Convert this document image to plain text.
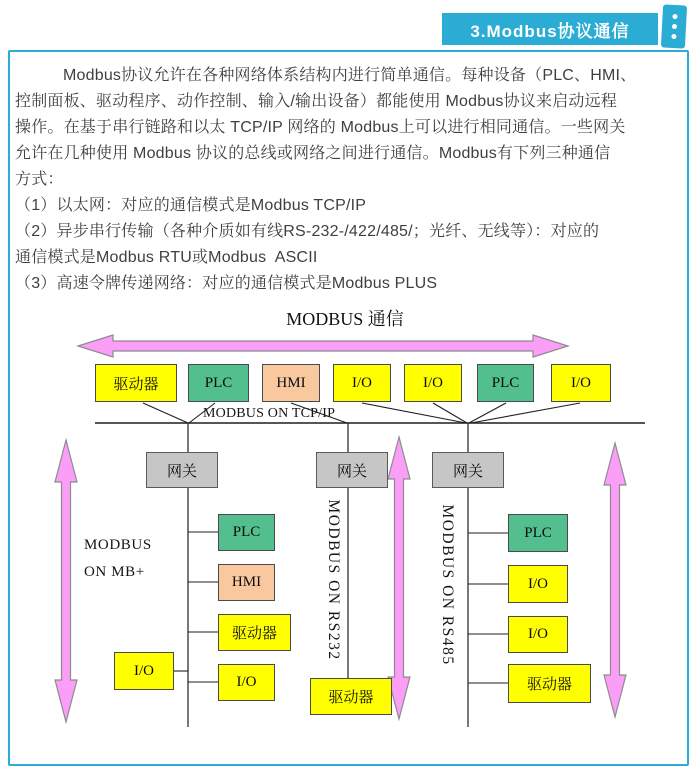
3.Modbus协议通信
Modbus协议允许在各种网络体系结构内进行简单通信。每种设备（PLC、HMI、
控制面板、驱动程序、动作控制、输入/输出设备）都能使用 Modbus协议来启动远程
操作。在基于串行链路和以太 TCP/IP 网络的 Modbus上可以进行相同通信。一些网关
允许在几种使用 Modbus 协议的总线或网络之间进行通信。Modbus有下列三种通信
方式：
（1）以太网：对应的通信模式是Modbus TCP/IP
（2）异步串行传输（各种介质如有线RS-232-/422/485/；光纤、无线等）：对应的
通信模式是Modbus RTU或Modbus  ASCII
（3）高速令牌传递网络：对应的通信模式是Modbus PLUS
MODBUS 通信
MODBUS ON TCP/IP
MODBUS
ON MB+	MODBUS ON RS232	MODBUS ON RS485
驱动器	PLC	HMI	I/O	I/O	PLC	I/O
网关	网关	网关
PLC
HMI
驱动器
I/O
I/O
驱动器
PLC
I/O
I/O
驱动器
